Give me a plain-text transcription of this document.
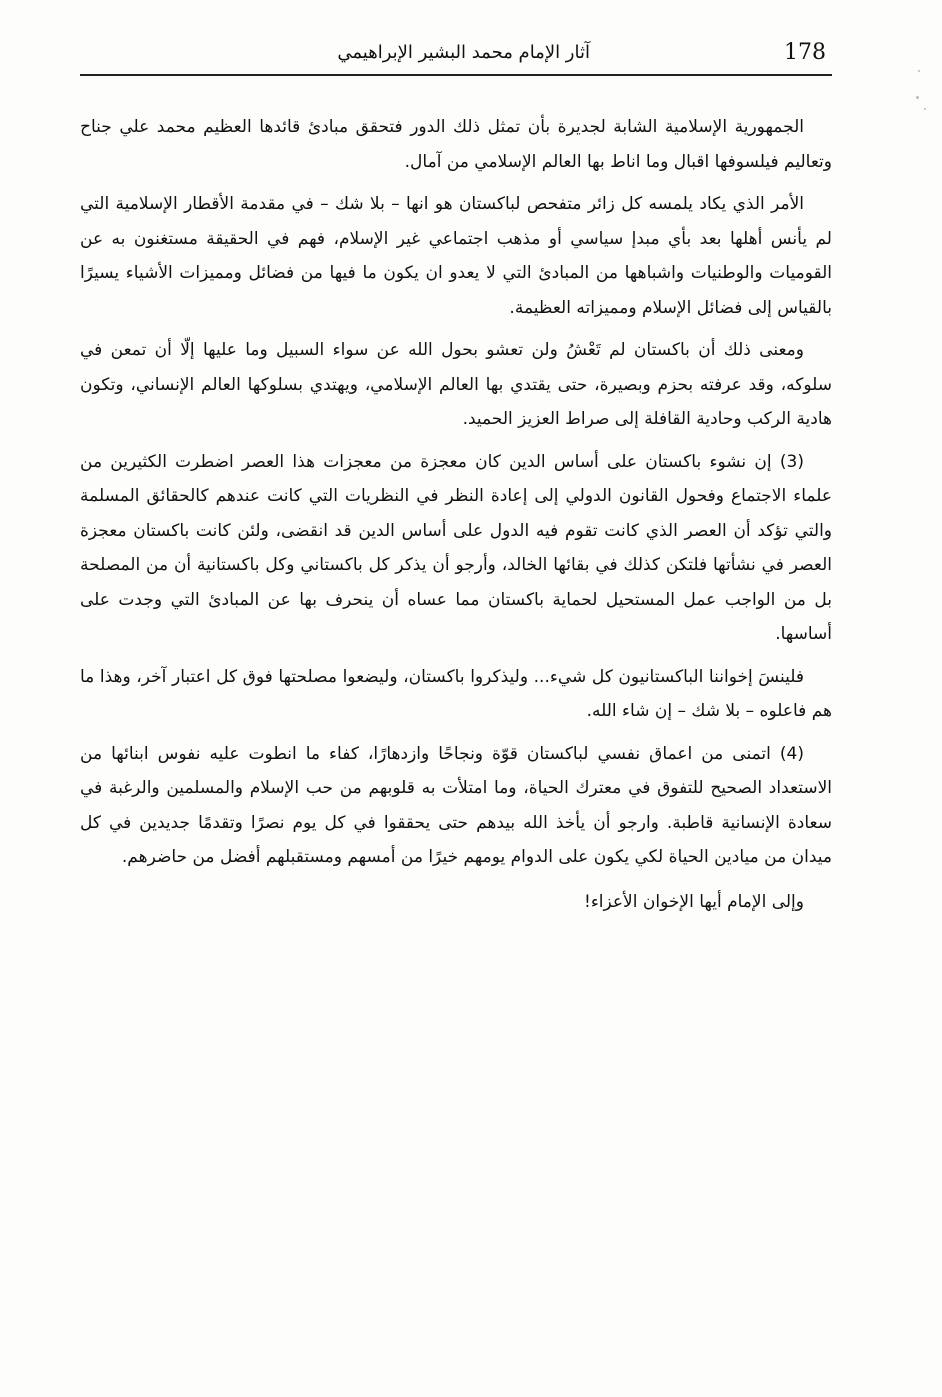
178
آثار الإمام محمد البشير الإبراهيمي

الجمهورية الإسلامية الشابة لجديرة بأن تمثل ذلك الدور فتحقق مبادئ قائدها العظيم محمد علي جناح وتعاليم فيلسوفها اقبال وما اناط بها العالم الإسلامي من آمال.

الأمر الذي يكاد يلمسه كل زائر متفحص لباكستان هو انها – بلا شك – في مقدمة الأقطار الإسلامية التي لم يأنس أهلها بعد بأي مبدإ سياسي أو مذهب اجتماعي غير الإسلام، فهم في الحقيقة مستغنون به عن القوميات والوطنيات واشباهها من المبادئ التي لا يعدو ان يكون ما فيها من فضائل ومميزات الأشياء يسيرًا بالقياس إلى فضائل الإسلام ومميزاته العظيمة.

ومعنى ذلك أن باكستان لم تَعْشُ ولن تعشو بحول الله عن سواء السبيل وما عليها إلّا أن تمعن في سلوكه، وقد عرفته بحزم وبصيرة، حتى يقتدي بها العالم الإسلامي، ويهتدي بسلوكها العالم الإنساني، وتكون هادية الركب وحادية القافلة إلى صراط العزيز الحميد.

(3) إن نشوء باكستان على أساس الدين كان معجزة من معجزات هذا العصر اضطرت الكثيرين من علماء الاجتماع وفحول القانون الدولي إلى إعادة النظر في النظريات التي كانت عندهم كالحقائق المسلمة والتي تؤكد أن العصر الذي كانت تقوم فيه الدول على أساس الدين قد انقضى، ولئن كانت باكستان معجزة العصر في نشأتها فلتكن كذلك في بقائها الخالد، وأرجو أن يذكر كل باكستاني وكل باكستانية أن من المصلحة بل من الواجب عمل المستحيل لحماية باكستان مما عساه أن ينحرف بها عن المبادئ التي وجدت على أساسها.

فلينسَ إخواننا الباكستانيون كل شيء... وليذكروا باكستان، وليضعوا مصلحتها فوق كل اعتبار آخر، وهذا ما هم فاعلوه – بلا شك – إن شاء الله.

(4) اتمنى من اعماق نفسي لباكستان قوّة ونجاحًا وازدهارًا، كفاء ما انطوت عليه نفوس ابنائها من الاستعداد الصحيح للتفوق في معترك الحياة، وما امتلأت به قلوبهم من حب الإسلام والمسلمين والرغبة في سعادة الإنسانية قاطبة. وارجو أن يأخذ الله بيدهم حتى يحققوا في كل يوم نصرًا وتقدمًا جديدين في كل ميدان من ميادين الحياة لكي يكون على الدوام يومهم خيرًا من أمسهم ومستقبلهم أفضل من حاضرهم.

وإلى الإمام أيها الإخوان الأعزاء!
